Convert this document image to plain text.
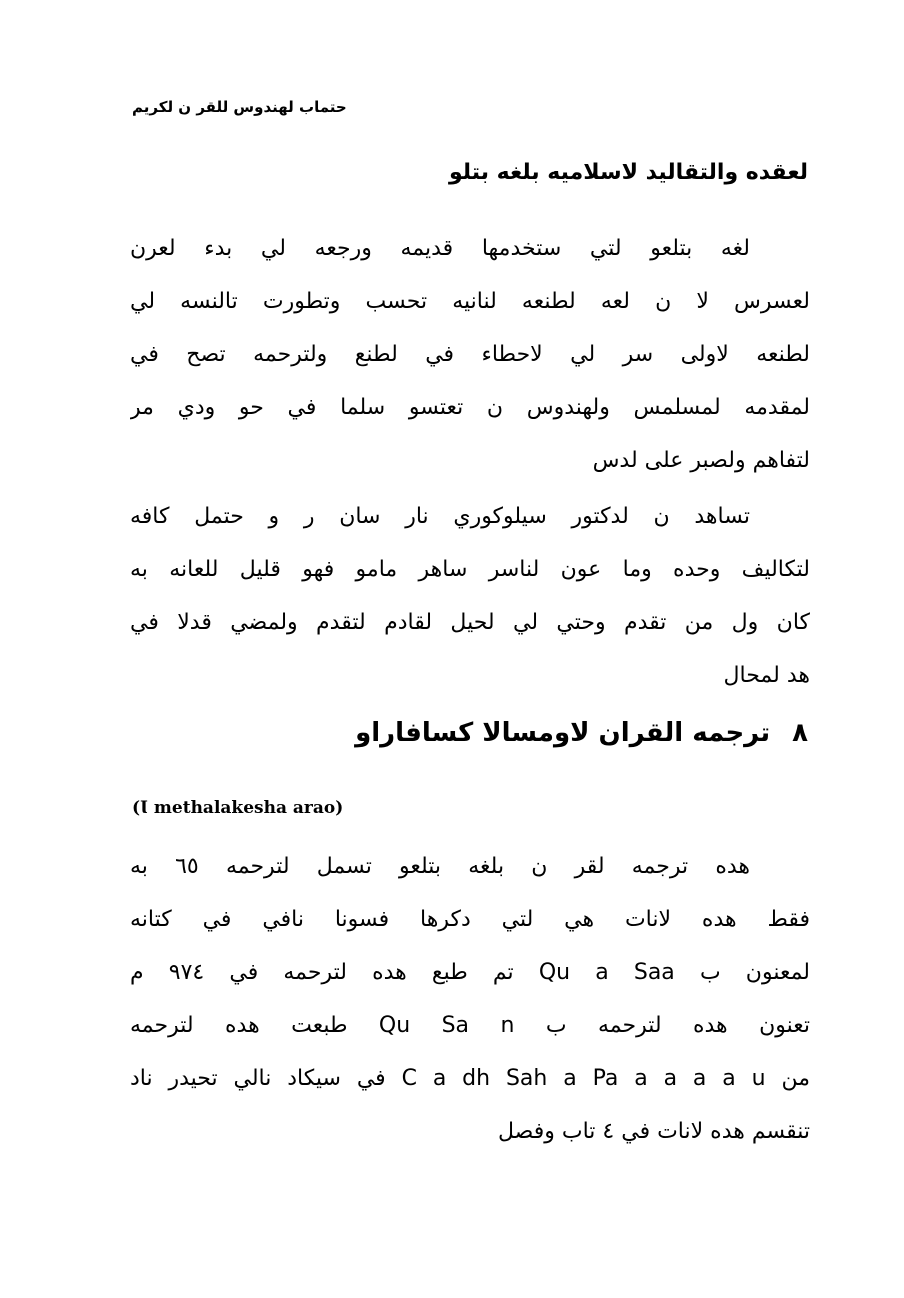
حتماب لهندوس للقر ن لكريم
لعقده والتقاليد لاسلاميه بلغه بتلو
لغه بتلعو لتي ستخدمها قديمه ورجعه لي بدء لعرن
لعسرس لا ن لعه لطنعه لنانيه تحسب وتطورت تالنسه لي
لطنعه لاولى سر لي لاحطاء في لطنع ولترحمه تصح في
لمقدمه لمسلمس ولهندوس ن تعتسو سلما في حو ودي مر
لتفاهم ولصبر على لدس
تساهد ن لدكتور سيلوكوري نار سان ر و حتمل كافه
لتكاليف وحده وما عون لناسر ساهر مامو فهو قليل للعانه به
كان ول من تقدم وحتي لي لحيل لقادم لتقدم ولمضي قدلا في
هد لمحال
٨ترجمه القران لاومسالا كسافاراو
(Ɩ methalakesha arao)
هده ترجمه لقر ن بلغه بتلعو تسمل لترحمه ٦٥ به
فقط هده لانات هي لتي دكرها فسونا نافي في كتانه
لمعنون ب Qu a Saa تم طبع هده لترحمه في ٩٧٤ م
تعنون هده لترحمه ب Qu Sa n طبعت هده لترحمه
من C a dh Sah a Pa a a a a u في سيكاد نالي تحيدر ناد
تنقسم هده لانات في ٤ تاب وفصل
